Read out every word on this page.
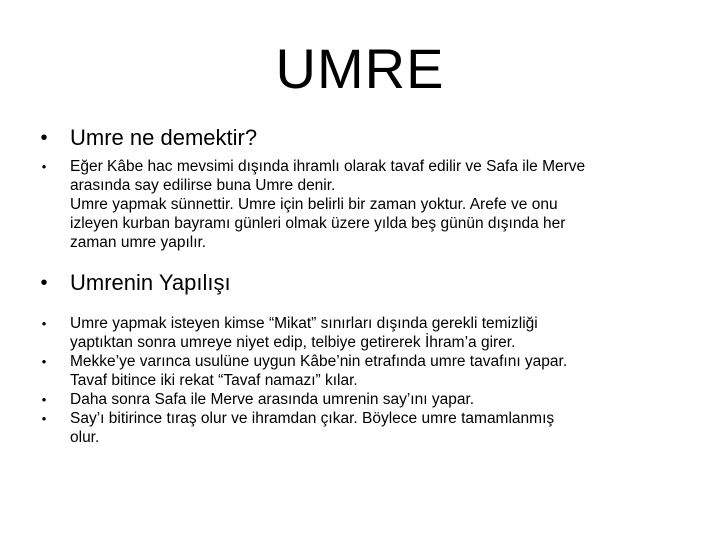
UMRE
•	Umre ne demektir?
•	Eğer Kâbe hac mevsimi dışında ihramlı olarak tavaf edilir ve Safa ile Merve
arasında say edilirse buna Umre denir.
Umre yapmak sünnettir. Umre için belirli bir zaman yoktur. Arefe ve onu
izleyen kurban bayramı günleri olmak üzere yılda beş günün dışında her
zaman umre yapılır.
•	Umrenin Yapılışı
•	Umre yapmak isteyen kimse “Mikat” sınırları dışında gerekli temizliği
yaptıktan sonra umreye niyet edip, telbiye getirerek İhram’a girer.
•	Mekke’ye varınca usulüne uygun Kâbe’nin etrafında umre tavafını yapar.
Tavaf bitince iki rekat “Tavaf namazı” kılar.
•	Daha sonra Safa ile Merve arasında umrenin say’ını yapar.
•	Say’ı bitirince tıraş olur ve ihramdan çıkar. Böylece umre tamamlanmış
olur.
